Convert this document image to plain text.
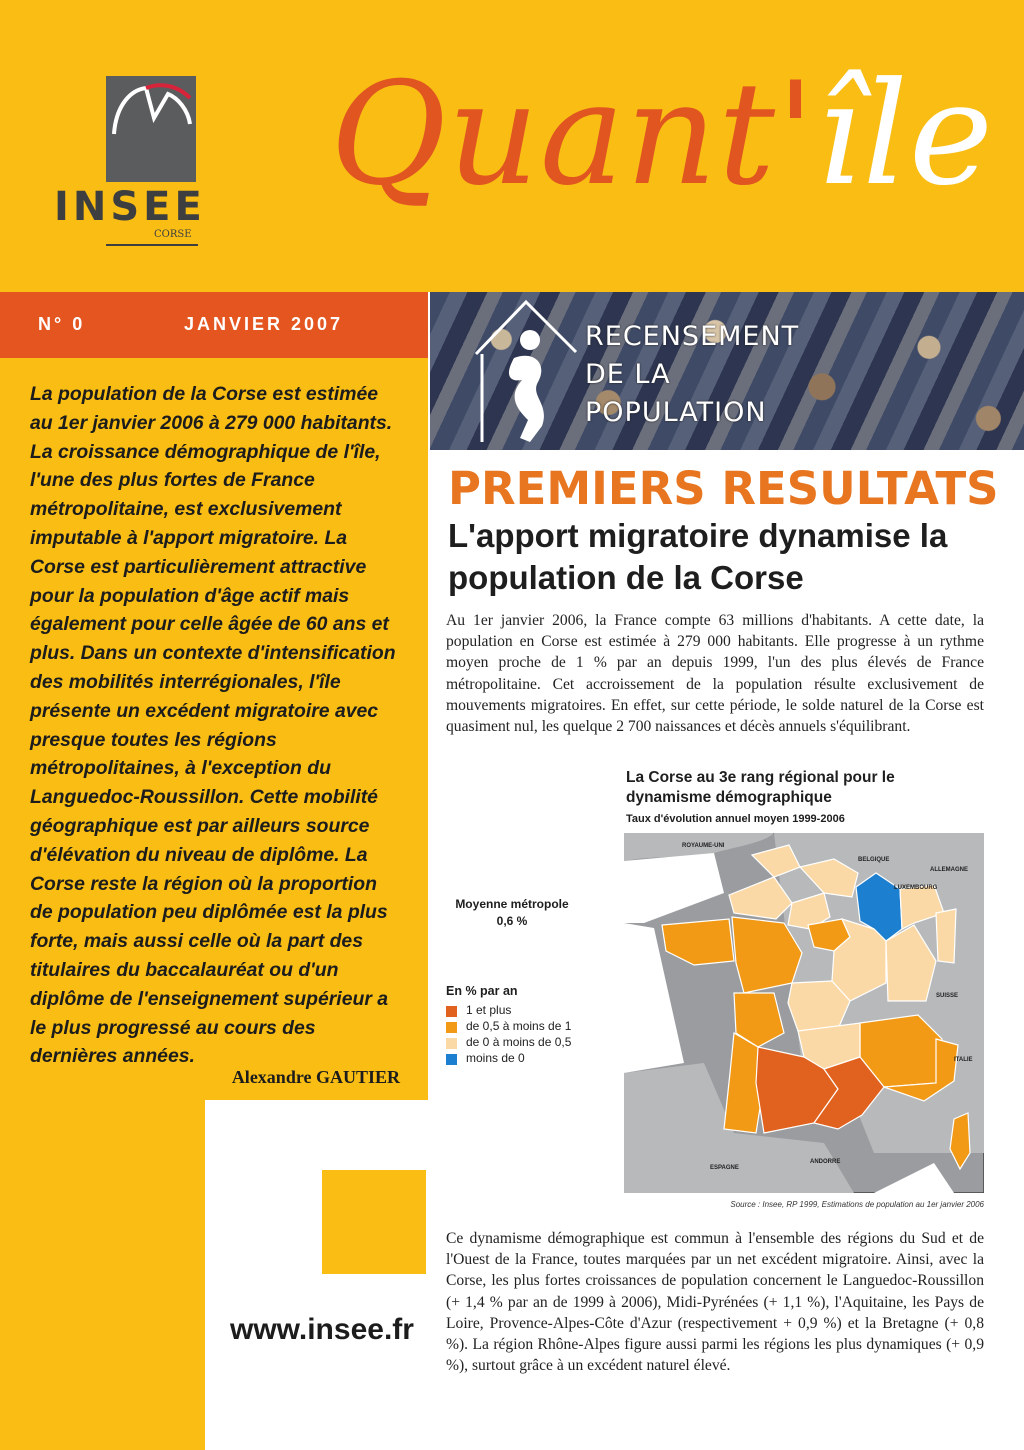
INSEE
CORSE
Quant'île
N° 0	JANVIER 2007
La population de la Corse est estimée au 1er janvier 2006 à 279 000 habitants. La croissance démographique de l'île, l'une des plus fortes de France métropolitaine, est exclusivement imputable à l'apport migratoire. La Corse est particulièrement attractive pour la population d'âge actif mais également pour celle âgée de 60 ans et plus. Dans un contexte d'intensification des mobilités interrégionales, l'île présente un excédent migratoire avec presque toutes les régions métropolitaines, à l'exception du Languedoc-Roussillon. Cette mobilité géographique est par ailleurs source d'élévation du niveau de diplôme. La Corse reste la région où la proportion de population peu diplômée est la plus forte, mais aussi celle où la part des titulaires du baccalauréat ou d'un diplôme de l'enseignement supérieur a le plus progressé au cours des dernières années.
Alexandre GAUTIER
www.insee.fr
RECENSEMENT
DE LA
POPULATION
PREMIERS RESULTATS
L'apport migratoire dynamise la population de la Corse
Au 1er janvier 2006, la France compte 63 millions d'habitants. A cette date, la population en Corse est estimée à 279 000 habitants. Elle progresse à un rythme moyen proche de 1 % par an depuis 1999, l'un des plus élevés de France métropolitaine. Cet accroissement de la population résulte exclusivement de mouvements migratoires. En effet, sur cette période, le solde naturel de la Corse est quasiment nul, les quelque 2 700 naissances et décès annuels s'équilibrant.
La Corse au 3e rang régional pour le dynamisme démographique
Taux d'évolution annuel moyen 1999-2006
Moyenne métropole
0,6 %
En % par an
1 et plus
de 0,5 à moins de 1
de 0 à moins de 0,5
moins de 0
ROYAUME-UNI
BELGIQUE
ALLEMAGNE
LUXEMBOURG
SUISSE
ITALIE
ESPAGNE
ANDORRE
Source : Insee, RP 1999, Estimations de population au 1er janvier 2006
Ce dynamisme démographique est commun à l'ensemble des régions du Sud et de l'Ouest de la France, toutes marquées par un net excédent migratoire. Ainsi, avec la Corse, les plus fortes croissances de population concernent le Languedoc-Roussillon (+ 1,4 % par an de 1999 à 2006), Midi-Pyrénées (+ 1,1 %), l'Aquitaine, les Pays de Loire, Provence-Alpes-Côte d'Azur (respectivement + 0,9 %) et la Bretagne (+ 0,8 %). La région Rhône-Alpes figure aussi parmi les régions les plus dynamiques (+ 0,9 %), surtout grâce à un excédent naturel élevé.
